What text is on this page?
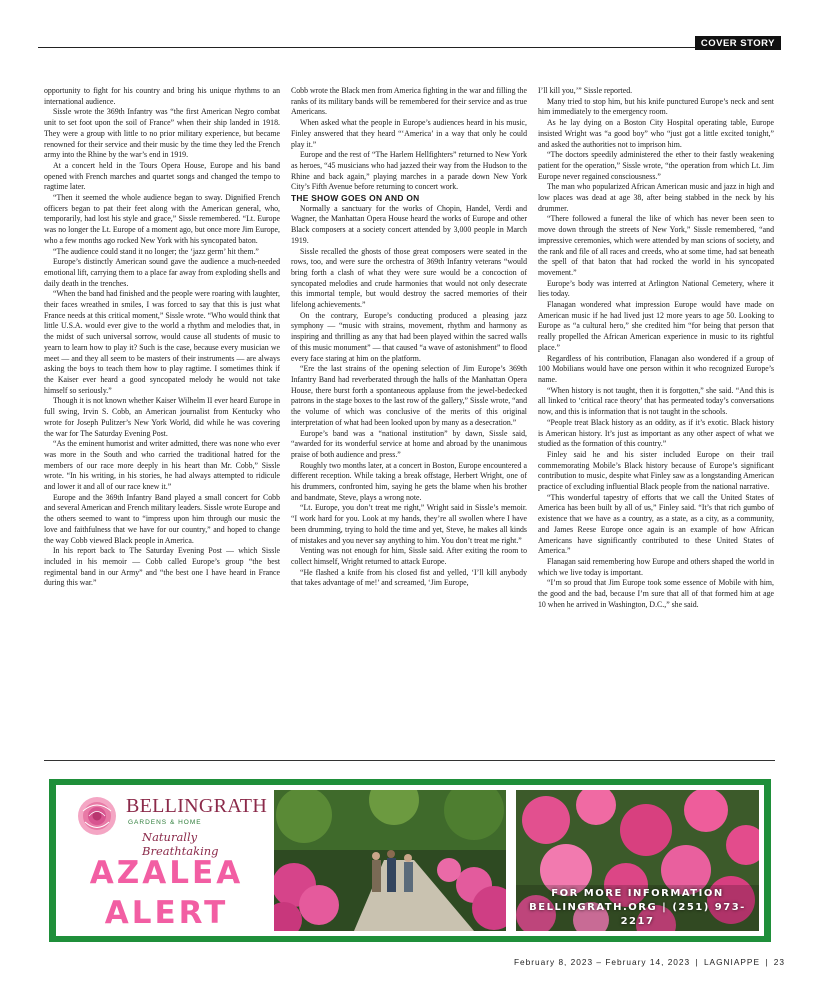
COVER STORY

opportunity to fight for his country and bring his unique rhythms to an international audience.

Sissle wrote the 369th Infantry was “the first American Negro combat unit to set foot upon the soil of France” when their ship landed in 1918. They were a group with little to no prior military experience, but became renowned for their service and their music by the time they led the French army into the Rhine by the war’s end in 1919.

At a concert held in the Tours Opera House, Europe and his band opened with French marches and quartet songs and changed the tempo to ragtime later.

“Then it seemed the whole audience began to sway. Dignified French officers began to pat their feet along with the American general, who, temporarily, had lost his style and grace,” Sissle remembered. “Lt. Europe was no longer the Lt. Europe of a moment ago, but once more Jim Europe, who a few months ago rocked New York with his syncopated baton.

“The audience could stand it no longer; the ‘jazz germ’ hit them.”

Europe’s distinctly American sound gave the audience a much-needed emotional lift, carrying them to a place far away from exploding shells and daily death in the trenches.

“When the band had finished and the people were roaring with laughter, their faces wreathed in smiles, I was forced to say that this is just what France needs at this critical moment,” Sissle wrote. “Who would think that little U.S.A. would ever give to the world a rhythm and melodies that, in the midst of such universal sorrow, would cause all students of music to yearn to learn how to play it? Such is the case, because every musician we meet — and they all seem to be masters of their instruments — are always asking the boys to teach them how to play ragtime. I sometimes think if the Kaiser ever heard a good syncopated melody he would not take himself so seriously.”

Though it is not known whether Kaiser Wilhelm II ever heard Europe in full swing, Irvin S. Cobb, an American journalist from Kentucky who wrote for Joseph Pulitzer’s New York World, did while he was covering the war for The Saturday Evening Post.

“As the eminent humorist and writer admitted, there was none who ever was more in the South and who carried the traditional hatred for the members of our race more deeply in his heart than Mr. Cobb,” Sissle wrote. “In his writing, in his stories, he had always attempted to ridicule and lower it and all of our race knew it.”

Europe and the 369th Infantry Band played a small concert for Cobb and several American and French military leaders. Sissle wrote Europe and the others seemed to want to “impress upon him through our music the love and faithfulness that we have for our country,” and hoped to change the way Cobb viewed Black people in America.

In his report back to The Saturday Evening Post — which Sissle included in his memoir — Cobb called Europe’s group “the best regimental band in our Army” and “the best one I have heard in France during this war.”

Cobb wrote the Black men from America fighting in the war and filling the ranks of its military bands will be remembered for their service and as true Americans.

When asked what the people in Europe’s audiences heard in his music, Finley answered that they heard “‘America’ in a way that only he could play it.”

Europe and the rest of “The Harlem Hellfighters” returned to New York as heroes, “45 musicians who had jazzed their way from the Hudson to the Rhine and back again,” playing marches in a parade down New York City’s Fifth Avenue before returning to concert work.

THE SHOW GOES ON AND ON

Normally a sanctuary for the works of Chopin, Handel, Verdi and Wagner, the Manhattan Opera House heard the works of Europe and other Black composers at a society concert attended by 3,000 people in March 1919.

Sissle recalled the ghosts of those great composers were seated in the rows, too, and were sure the orchestra of 369th Infantry veterans “would bring forth a clash of what they were sure would be a concoction of syncopated melodies and crude harmonies that would not only desecrate this immortal temple, but would destroy the sacred memories of their lifelong achievements.”

On the contrary, Europe’s conducting produced a pleasing jazz symphony — “music with strains, movement, rhythm and harmony as inspiring and thrilling as any that had been played within the sacred walls of this music monument” — that caused “a wave of astonishment” to flood every face staring at him on the platform.

“Ere the last strains of the opening selection of Jim Europe’s 369th Infantry Band had reverberated through the halls of the Manhattan Opera House, there burst forth a spontaneous applause from the jewel-bedecked patrons in the stage boxes to the last row of the gallery,” Sissle wrote, “and the volume of which was conclusive of the merits of this original interpretation of what had been looked upon by many as a desecration.”

Europe’s band was a “national institution” by dawn, Sissle said, “awarded for its wonderful service at home and abroad by the unanimous praise of both audience and press.”

Roughly two months later, at a concert in Boston, Europe encountered a different reception. While taking a break offstage, Herbert Wright, one of his drummers, confronted him, saying he gets the blame when his brother and bandmate, Steve, plays a wrong note.

“Lt. Europe, you don’t treat me right,” Wright said in Sissle’s memoir. “I work hard for you. Look at my hands, they’re all swollen where I have been drumming, trying to hold the time and yet, Steve, he makes all kinds of mistakes and you never say anything to him. You don’t treat me right.”

Venting was not enough for him, Sissle said. After exiting the room to collect himself, Wright returned to attack Europe.

“He flashed a knife from his closed fist and yelled, ‘I’ll kill anybody that takes advantage of me!’ and screamed, ‘Jim Europe,

I’ll kill you,’” Sissle reported.

Many tried to stop him, but his knife punctured Europe’s neck and sent him immediately to the emergency room.

As he lay dying on a Boston City Hospital operating table, Europe insisted Wright was “a good boy” who “just got a little excited tonight,” and asked the authorities not to imprison him.

“The doctors speedily administered the ether to their fastly weakening patient for the operation,” Sissle wrote, “the operation from which Lt. Jim Europe never regained consciousness.”

The man who popularized African American music and jazz in high and low places was dead at age 38, after being stabbed in the neck by his drummer.

“There followed a funeral the like of which has never been seen to move down through the streets of New York,” Sissle remembered, “and impressive ceremonies, which were attended by man scions of society, and the rank and file of all races and creeds, who at some time, had sat beneath the spell of that baton that had rocked the world in his syncopated movement.”

Europe’s body was interred at Arlington National Cemetery, where it lies today.

Flanagan wondered what impression Europe would have made on American music if he had lived just 12 more years to age 50. Looking to Europe as “a cultural hero,” she credited him “for being that person that really propelled the African American experience in music to its rightful place.”

Regardless of his contribution, Flanagan also wondered if a group of 100 Mobilians would have one person within it who recognized Europe’s name.

“When history is not taught, then it is forgotten,” she said. “And this is all linked to ‘critical race theory’ that has permeated today’s conversations now, and this is information that is not taught in the schools.

“People treat Black history as an oddity, as if it’s exotic. Black history is American history. It’s just as important as any other aspect of what we studied as the formation of this country.”

Finley said he and his sister included Europe on their trail commemorating Mobile’s Black history because of Europe’s significant contribution to music, despite what Finley saw as a longstanding American practice of excluding influential Black people from the national narrative.

“This wonderful tapestry of efforts that we call the United States of America has been built by all of us,” Finley said. “It’s that rich gumbo of existence that we have as a country, as a state, as a city, as a community, and James Reese Europe once again is an example of how African Americans have significantly contributed to these United States of America.”

Flanagan said remembering how Europe and others shaped the world in which we live today is important.

“I’m so proud that Jim Europe took some essence of Mobile with him, the good and the bad, because I’m sure that all of that formed him at age 10 when he arrived in Washington, D.C.,” she said.

BELLINGRATH
GARDENS & HOME
Naturally Breathtaking
AZALEA
ALERT
FOR MORE INFORMATION
BELLINGRATH.ORG | (251) 973-2217
February 8, 2023 – February 14, 2023 | LAGNIAPPE | 23
